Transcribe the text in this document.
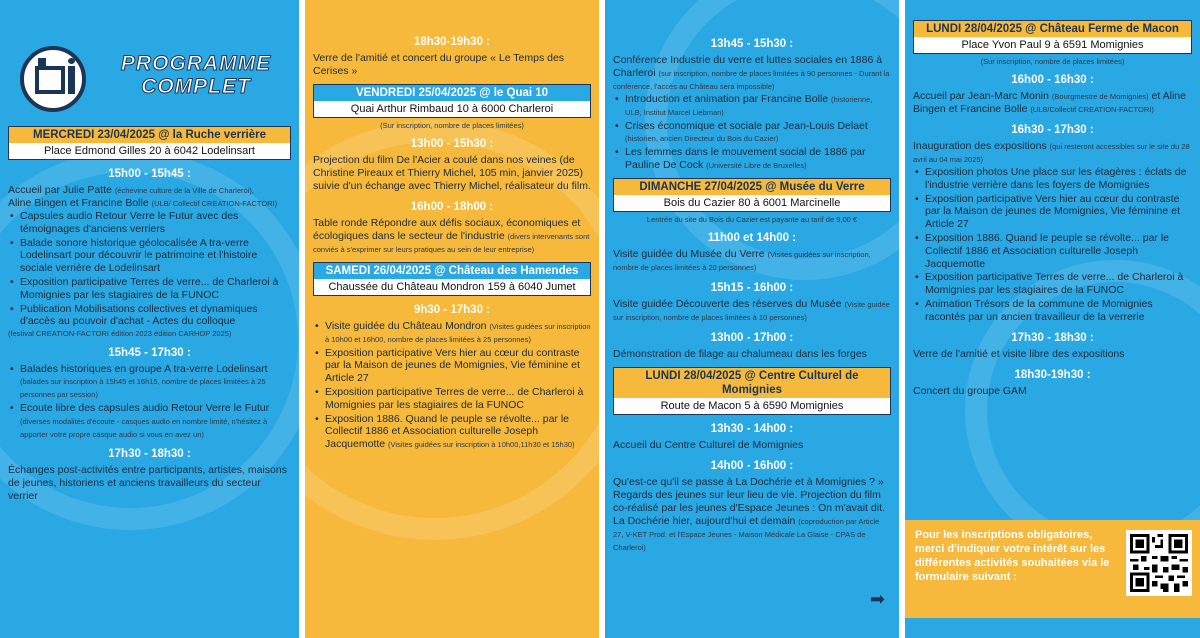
PROGRAMME
COMPLET
MERCREDI 23/04/2025 @ la Ruche verrière
Place Edmond Gilles 20 à 6042 Lodelinsart
15h00 - 15h45 :
Accueil par Julie Patte (échevine culture de la Ville de Charleroi),
Aline Bingen et Francine Bolle (ULB/ Collectif CREATION-FACTORI)
• Capsules audio Retour Verre le Futur avec des témoignages d'anciens verriers
• Balade sonore historique géolocalisée A tra-verre Lodelinsart pour découvrir le patrimoine et l'histoire sociale verrière de Lodelinsart
• Exposition participative Terres de verre... de Charleroi à Momignies par les stagiaires de la FUNOC
• Publication Mobilisations collectives et dynamiques d'accès au pouvoir d'achat - Actes du colloque
(festival CREATION-FACTORI édition 2023 édition CARHOP 2025)
15h45 - 17h30 :
• Balades historiques en groupe A tra-verre Lodelinsart (balades sur inscription à 15h45 et 16h15, nombre de places limitées à 25 personnes par session)
• Ecoute libre des capsules audio Retour Verre le Futur (diverses modalités d'écoute - casques audio en nombre limité, n'hésitez à apporter votre propre casque audio si vous en avez un)
17h30 - 18h30 :
Échanges post-activités entre participants, artistes, maisons de jeunes, historiens et anciens travailleurs du secteur verrier
18h30-19h30 :
Verre de l'amitié et concert du groupe « Le Temps des Cerises »
VENDREDI 25/04/2025 @ le Quai 10
Quai Arthur Rimbaud 10 à 6000 Charleroi
(Sur inscription, nombre de places limitées)
13h00 - 15h30 :
Projection du film De l'Acier a coulé dans nos veines (de Christine Pireaux et Thierry Michel, 105 min, janvier 2025) suivie d'un échange avec Thierry Michel, réalisateur du film.
16h00 - 18h00 :
Table ronde Répondre aux défis sociaux, économiques et écologiques dans le secteur de l'industrie (divers intervenants sont conviés à s'exprimer sur leurs pratiques au sein de leur entreprise)
SAMEDI 26/04/2025 @ Château des Hamendes
Chaussée du Château Mondron 159 à 6040 Jumet
9h30 - 17h30 :
• Visite guidée du Château Mondron (Visites guidées sur inscription à 10h00 et 16h00, nombre de places limitées à 25 personnes)
• Exposition participative Vers hier au cœur du contraste par la Maison de jeunes de Momignies, Vie féminine et Article 27
• Exposition participative Terres de verre... de Charleroi à Momignies par les stagiaires de la FUNOC
• Exposition 1886. Quand le peuple se révolte... par le Collectif 1886 et Association culturelle Joseph Jacquemotte (Visites guidées sur inscription à 10h00,11h30 et 15h30)
13h45 - 15h30 :
Conférence Industrie du verre et luttes sociales en 1886 à Charleroi (sur inscription, nombre de places limitées à 90 personnes - Durant la conférence, l'accès au Château sera impossible)
• Introduction et animation par Francine Bolle (historienne, ULB, Institut Marcel Liebman)
• Crises économique et sociale par Jean-Louis Delaet (historien, ancien Directeur du Bois du Cazier)
• Les femmes dans le mouvement social de 1886 par Pauline De Cock (Université Libre de Bruxelles)
DIMANCHE 27/04/2025 @ Musée du Verre
Bois du Cazier 80 à 6001 Marcinelle
Lentrée du site du Bois du Cazier est payante au tarif de 9,00 €
11h00 et 14h00 :
Visite guidée du Musée du Verre (Visites guidées sur inscription, nombre de places limitées à 20 personnes)
15h15 - 16h00 :
Visite guidée Découverte des réserves du Musée (Visite guidée sur inscription, nombre de places limitées à 10 personnes)
13h00 - 17h00 :
Démonstration de filage au chalumeau dans les forges
LUNDI 28/04/2025 @ Centre Culturel de Momignies
Route de Macon 5 à 6590 Momignies
13h30 - 14h00 :
Accueil du Centre Culturel de Momignies
14h00 - 16h00 :
Qu'est-ce qu'il se passe à La Dochérie et à Momignies ? » Regards des jeunes sur leur lieu de vie. Projection du film co-réalisé par les jeunes d'Espace Jeunes : On m'avait dit. La Dochérie hier, aujourd'hui et demain (coproduction par Article 27, V-KET Prod. et l'Espace Jeunes - Maison Médicale La Glaise - CPAS de Charleroi)
➡
LUNDI 28/04/2025 @ Château Ferme de Macon
Place Yvon Paul 9 à 6591 Momignies
(Sur inscription, nombre de places limitées)
16h00 - 16h30 :
Accueil par Jean-Marc Monin (Bourgmestre de Momignies) et Aline Bingen et Francine Bolle (ULB/Collectif CREATION-FACTORI)
16h30 - 17h30 :
Inauguration des expositions (qui resteront accessibles sur le site du 28 avril au 04 mai 2025)
• Exposition photos Une place sur les étagères : éclats de l'industrie verrière dans les foyers de Momignies
• Exposition participative Vers hier au cœur du contraste par la Maison de jeunes de Momignies, Vie féminine et Article 27
• Exposition 1886. Quand le peuple se révolte... par le Collectif 1886 et Association culturelle Joseph Jacquemotte
• Exposition participative Terres de verre... de Charleroi à Momignies par les stagiaires de la FUNOC
• Animation Trésors de la commune de Momignies racontés par un ancien travailleur de la verrerie
17h30 - 18h30 :
Verre de l'amitié et visite libre des expositions
18h30-19h30 :
Concert du groupe GAM
Pour les inscriptions obligatoires, merci d'indiquer votre intérêt sur les différentes activités souhaitées via le formulaire suivant :
